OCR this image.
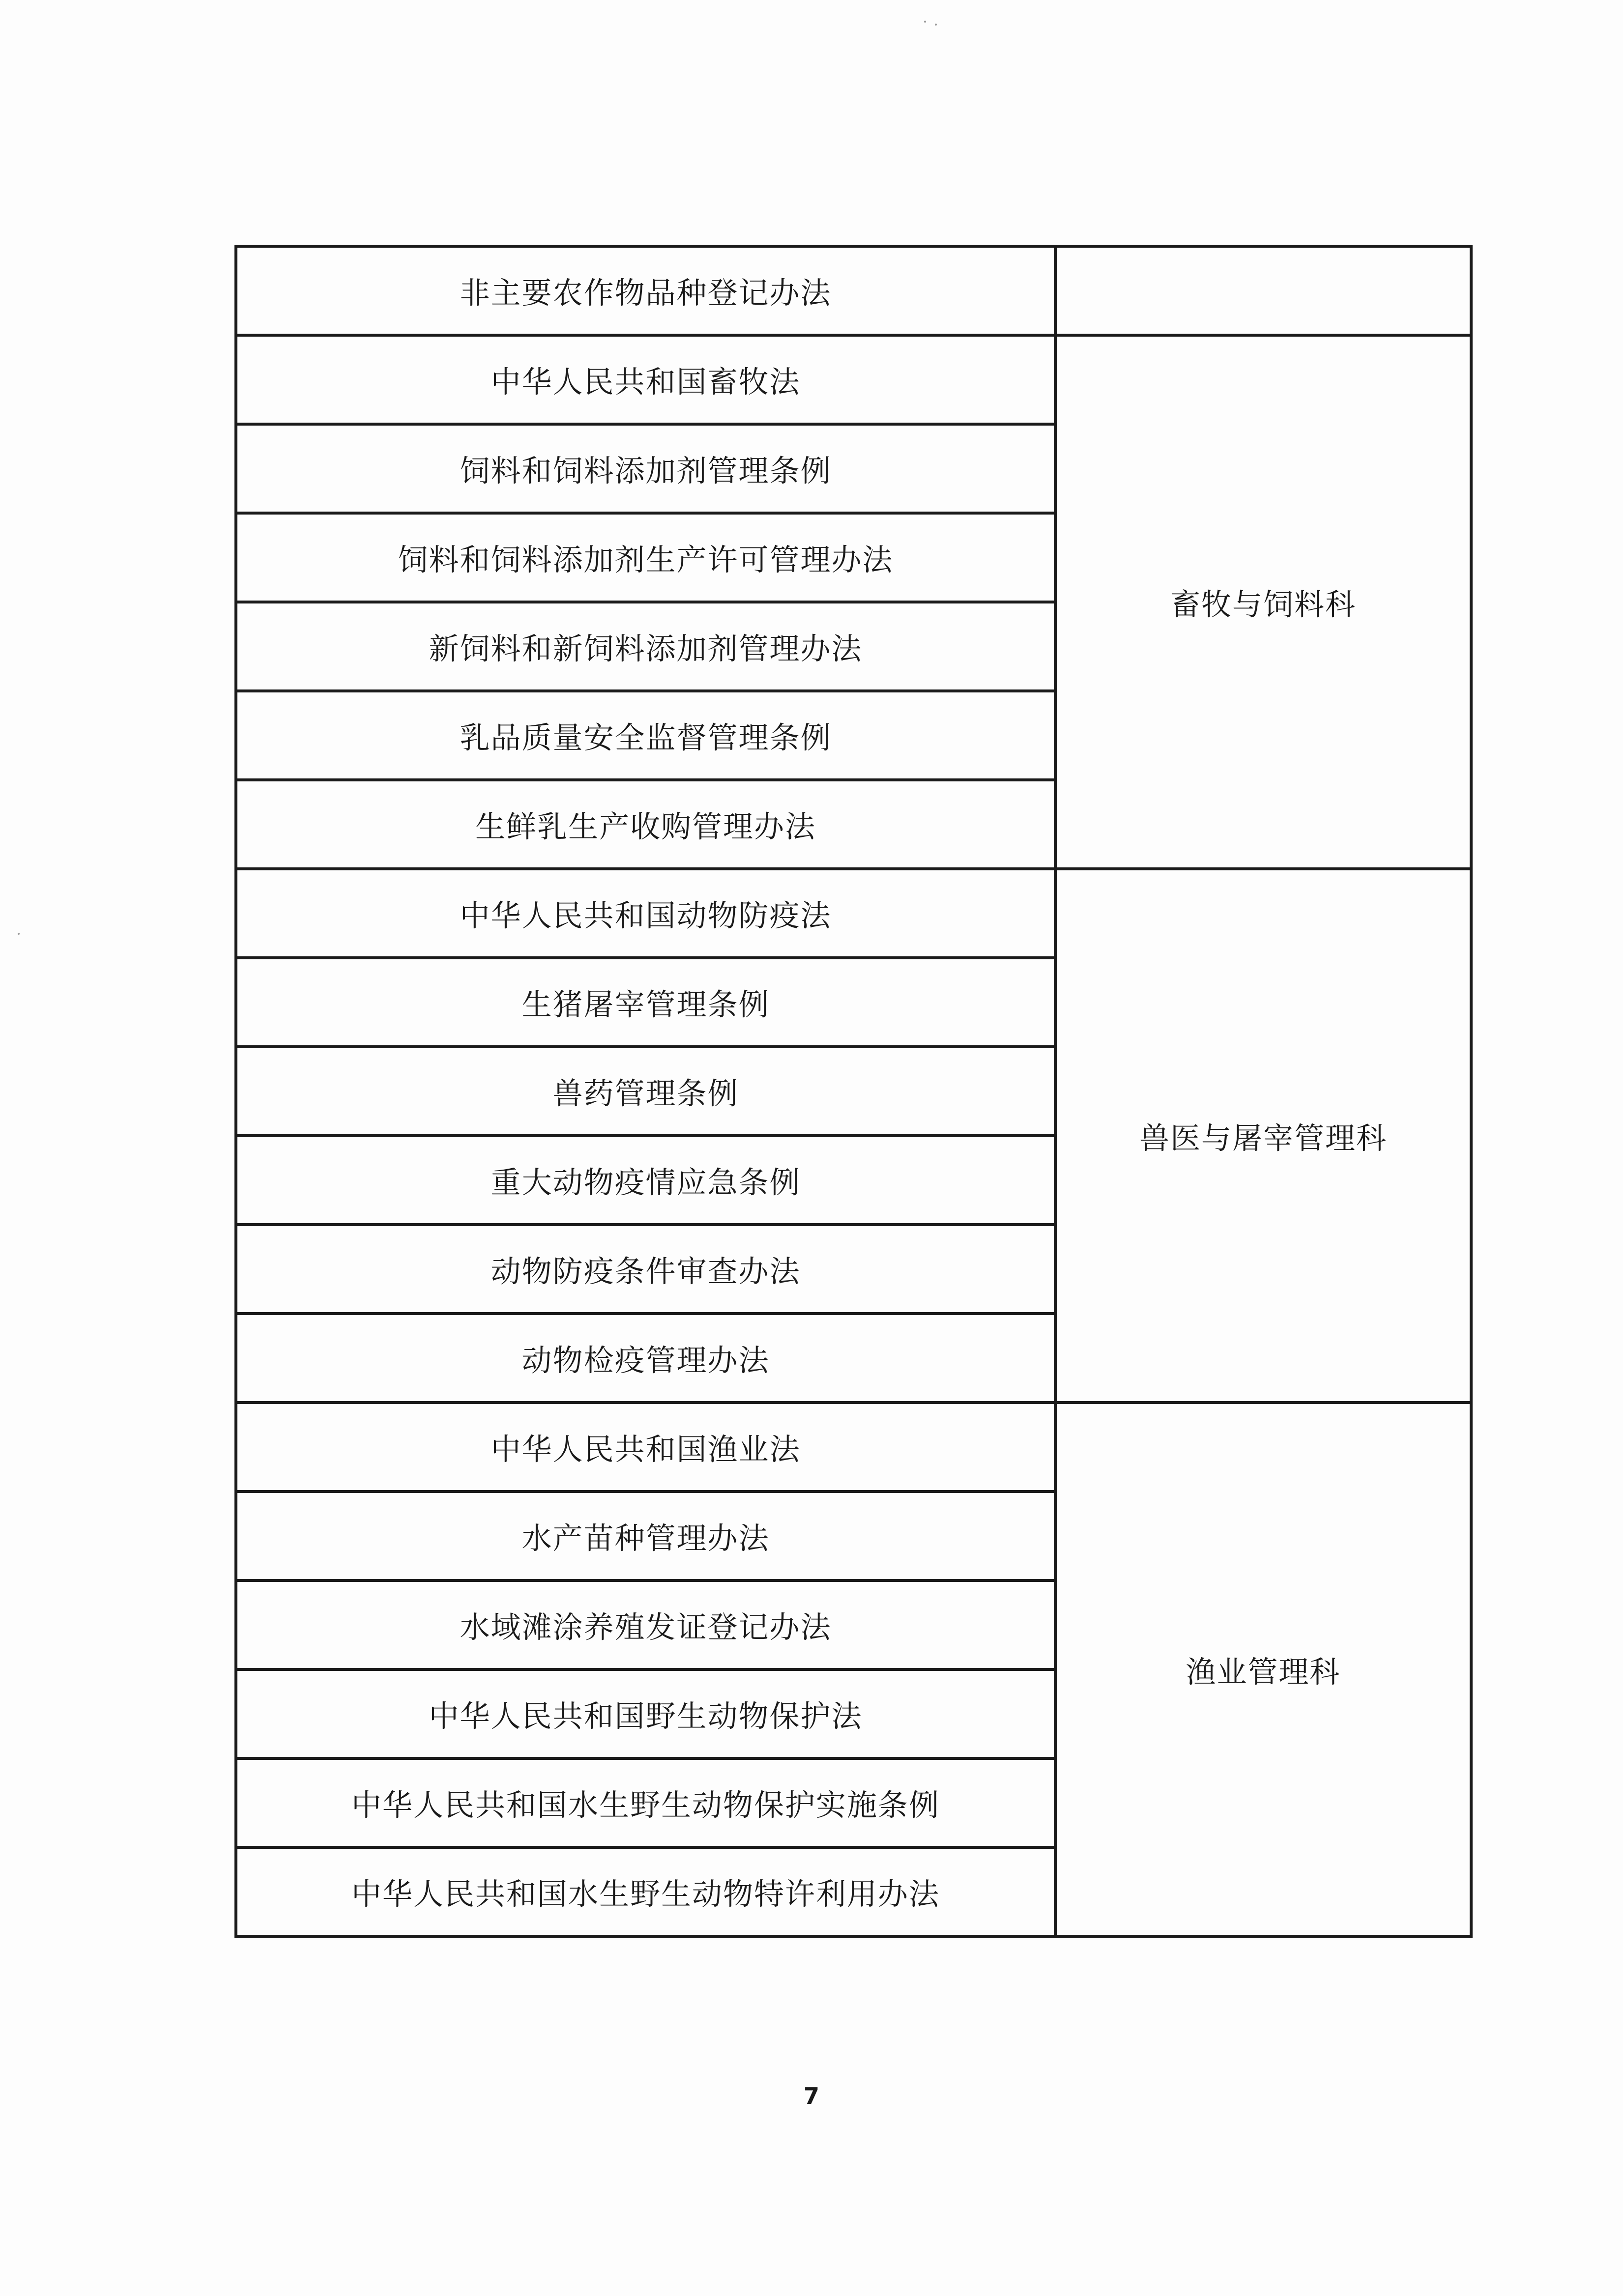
非主要农作物品种登记办法	
中华人民共和国畜牧法	畜牧与饲料科
饲料和饲料添加剂管理条例	
饲料和饲料添加剂生产许可管理办法	
新饲料和新饲料添加剂管理办法	
乳品质量安全监督管理条例	
生鲜乳生产收购管理办法	
中华人民共和国动物防疫法	兽医与屠宰管理科
生猪屠宰管理条例	
兽药管理条例	
重大动物疫情应急条例	
动物防疫条件审查办法	
动物检疫管理办法	
中华人民共和国渔业法	渔业管理科
水产苗种管理办法	
水域滩涂养殖发证登记办法	
中华人民共和国野生动物保护法	
中华人民共和国水生野生动物保护实施条例	
中华人民共和国水生野生动物特许利用办法	
7
